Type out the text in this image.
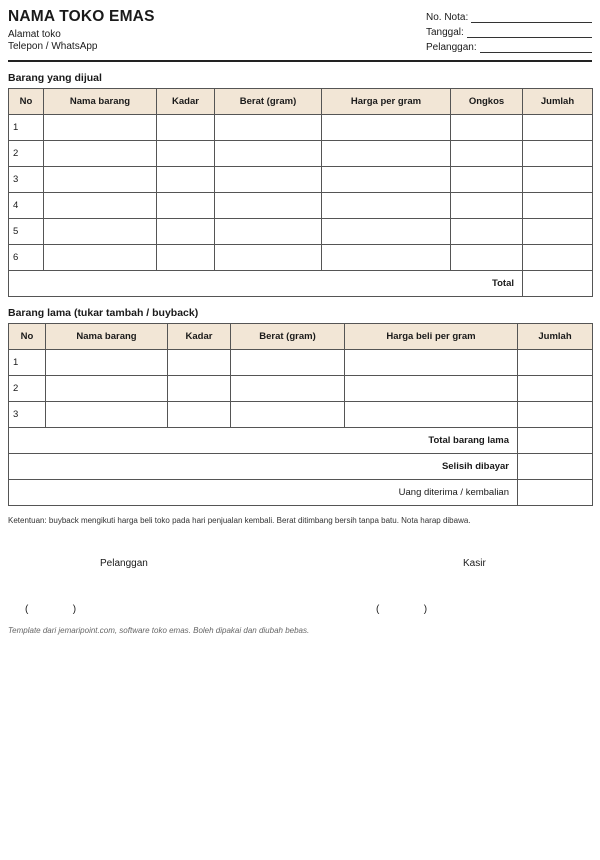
NAMA TOKO EMAS
Alamat toko
Telepon / WhatsApp
No. Nota:
Tanggal:
Pelanggan:
Barang yang dijual
No	Nama barang	Kadar	Berat (gram)	Harga per gram	Ongkos	Jumlah
1						
2						
3						
4						
5						
6						
Total						
Barang lama (tukar tambah / buyback)
No	Nama barang	Kadar	Berat (gram)	Harga beli per gram	Jumlah
1					
2					
3					
Total barang lama					
Selisih dibayar					
Uang diterima / kembalian					
Ketentuan: buyback mengikuti harga beli toko pada hari penjualan kembali. Berat ditimbang bersih tanpa batu. Nota harap dibawa.
Pelanggan	Kasir
(                )	(                )
Template dari jemaripoint.com, software toko emas. Boleh dipakai dan diubah bebas.
